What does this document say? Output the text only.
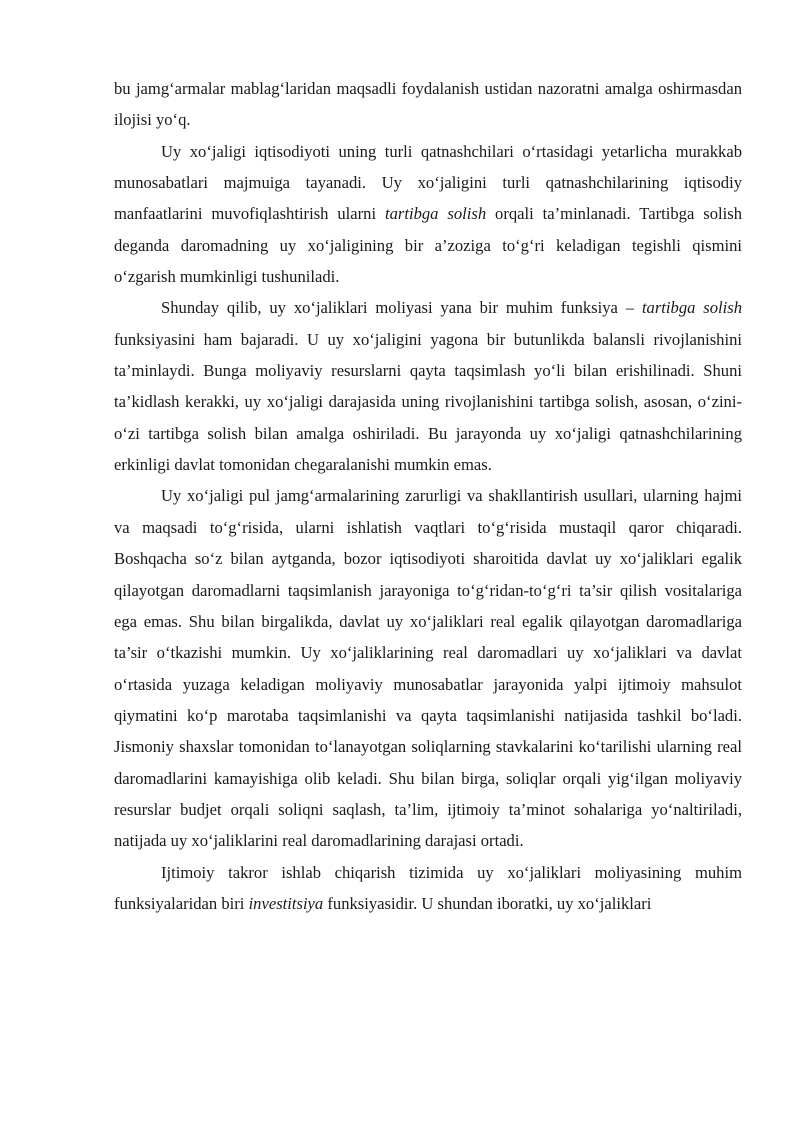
bu jamg‘armalar mablag‘laridan maqsadli foydalanish ustidan nazoratni amalga oshirmasdan ilojisi yo‘q.

Uy xo‘jaligi iqtisodiyoti uning turli qatnashchilari o‘rtasidagi yetarlicha murakkab munosabatlari majmuiga tayanadi. Uy xo‘jaligini turli qatnashchilarining iqtisodiy manfaatlarini muvofiqlashtirish ularni tartibga solish orqali ta’minlanadi. Tartibga solish deganda daromadning uy xo‘jaligining bir a’zoziga to‘g‘ri keladigan tegishli qismini o‘zgarish mumkinligi tushuniladi.

Shunday qilib, uy xo‘jaliklari moliyasi yana bir muhim funksiya – tartibga solish funksiyasini ham bajaradi. U uy xo‘jaligini yagona bir butunlikda balansli rivojlanishini ta’minlaydi. Bunga moliyaviy resurslarni qayta taqsimlash yo‘li bilan erishilinadi. Shuni ta’kidlash kerakki, uy xo‘jaligi darajasida uning rivojlanishini tartibga solish, asosan, o‘zini-o‘zi tartibga solish bilan amalga oshiriladi. Bu jarayonda uy xo‘jaligi qatnashchilarining erkinligi davlat tomonidan chegaralanishi mumkin emas.

Uy xo‘jaligi pul jamg‘armalarining zarurligi va shakllantirish usullari, ularning hajmi va maqsadi to‘g‘risida, ularni ishlatish vaqtlari to‘g‘risida mustaqil qaror chiqaradi. Boshqacha so‘z bilan aytganda, bozor iqtisodiyoti sharoitida davlat uy xo‘jaliklari egalik qilayotgan daromadlarni taqsimlanish jarayoniga to‘g‘ridan-to‘g‘ri ta’sir qilish vositalariga ega emas. Shu bilan birgalikda, davlat uy xo‘jaliklari real egalik qilayotgan daromadlariga ta’sir o‘tkazishi mumkin. Uy xo‘jaliklarining real daromadlari uy xo‘jaliklari va davlat o‘rtasida yuzaga keladigan moliyaviy munosabatlar jarayonida yalpi ijtimoiy mahsulot qiymatini ko‘p marotaba taqsimlanishi va qayta taqsimlanishi natijasida tashkil bo‘ladi. Jismoniy shaxslar tomonidan to‘lanayotgan soliqlarning stavkalarini ko‘tarilishi ularning real daromadlarini kamayishiga olib keladi. Shu bilan birga, soliqlar orqali yig‘ilgan moliyaviy resurslar budjet orqali soliqni saqlash, ta’lim, ijtimoiy ta’minot sohalariga yo‘naltiriladi, natijada uy xo‘jaliklarini real daromadlarining darajasi ortadi.

Ijtimoiy takror ishlab chiqarish tizimida uy xo‘jaliklari moliyasining muhim funksiyalaridan biri investitsiya funksiyasidir. U shundan iboratki, uy xo‘jaliklari
